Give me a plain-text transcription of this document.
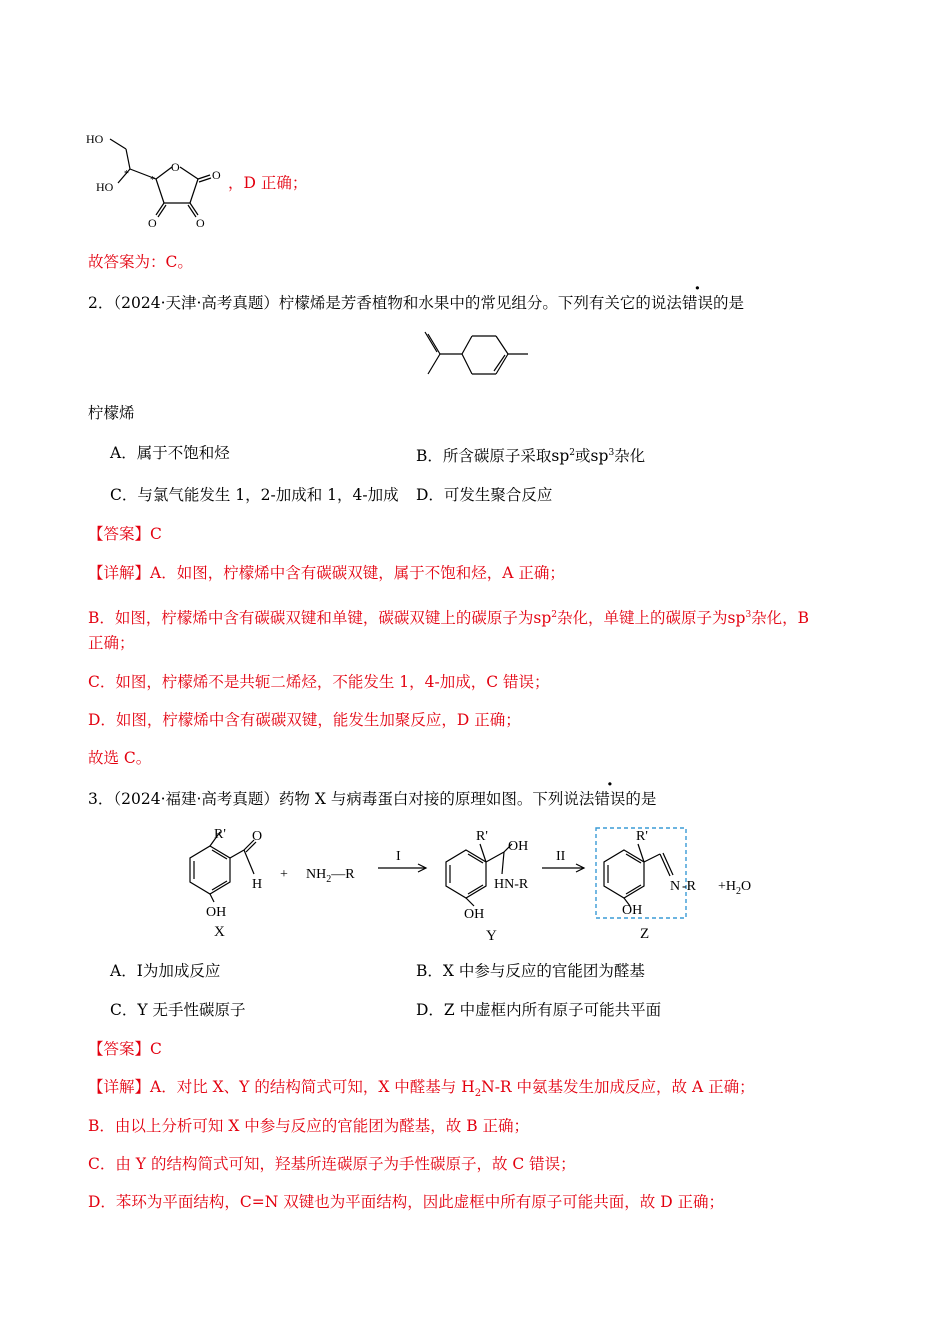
HO
HO
O
O
O	O
*
*	，D 正确；
故答案为：C。
2．（2024·天津·高考真题）柠檬烯是芳香植物和水果中的常见组分。下列有关它的说法错误的是
柠檬烯
A．属于不饱和烃	B．所含碳原子采取$sp^2$或$sp^3$杂化
C．与氯气能发生 1，2-加成和 1，4-加成 D．可发生聚合反应
【答案】C
【详解】A．如图，柠檬烯中含有碳碳双键，属于不饱和烃，A 正确；
B．如图，柠檬烯中含有碳碳双键和单键，碳碳双键上的碳原子为$sp^2$杂化，单键上的碳原子为$sp^3$杂化，B
正确；
C．如图，柠檬烯不是共轭二烯烃，不能发生 1，4-加成，C 错误；
D．如图，柠檬烯中含有碳碳双键，能发生加聚反应，D 正确；
故选 C。
3．（2024·福建·高考真题）药物 X 与病毒蛋白对接的原理如图。下列说法错误的是
R' O
H
OH
X
+ $NH_2—R$
I
R'
OH
HN-R
OH
Y
II
R'
N -R
OH
Z
$+H_2O$
A．Ⅰ为加成反应	B．X 中参与反应的官能团为醛基
C．Y 无手性碳原子	D．Z 中虚框内所有原子可能共平面
【答案】C
【详解】A．对比 X、Y 的结构简式可知，X 中醛基与 $H_2N-R$ 中氨基发生加成反应，故 A 正确；
B．由以上分析可知 X 中参与反应的官能团为醛基，故 B 正确；
C．由 Y 的结构简式可知，羟基所连碳原子为手性碳原子，故 C 错误；
D．苯环为平面结构，C=N 双键也为平面结构，因此虚框中所有原子可能共面，故 D 正确；
